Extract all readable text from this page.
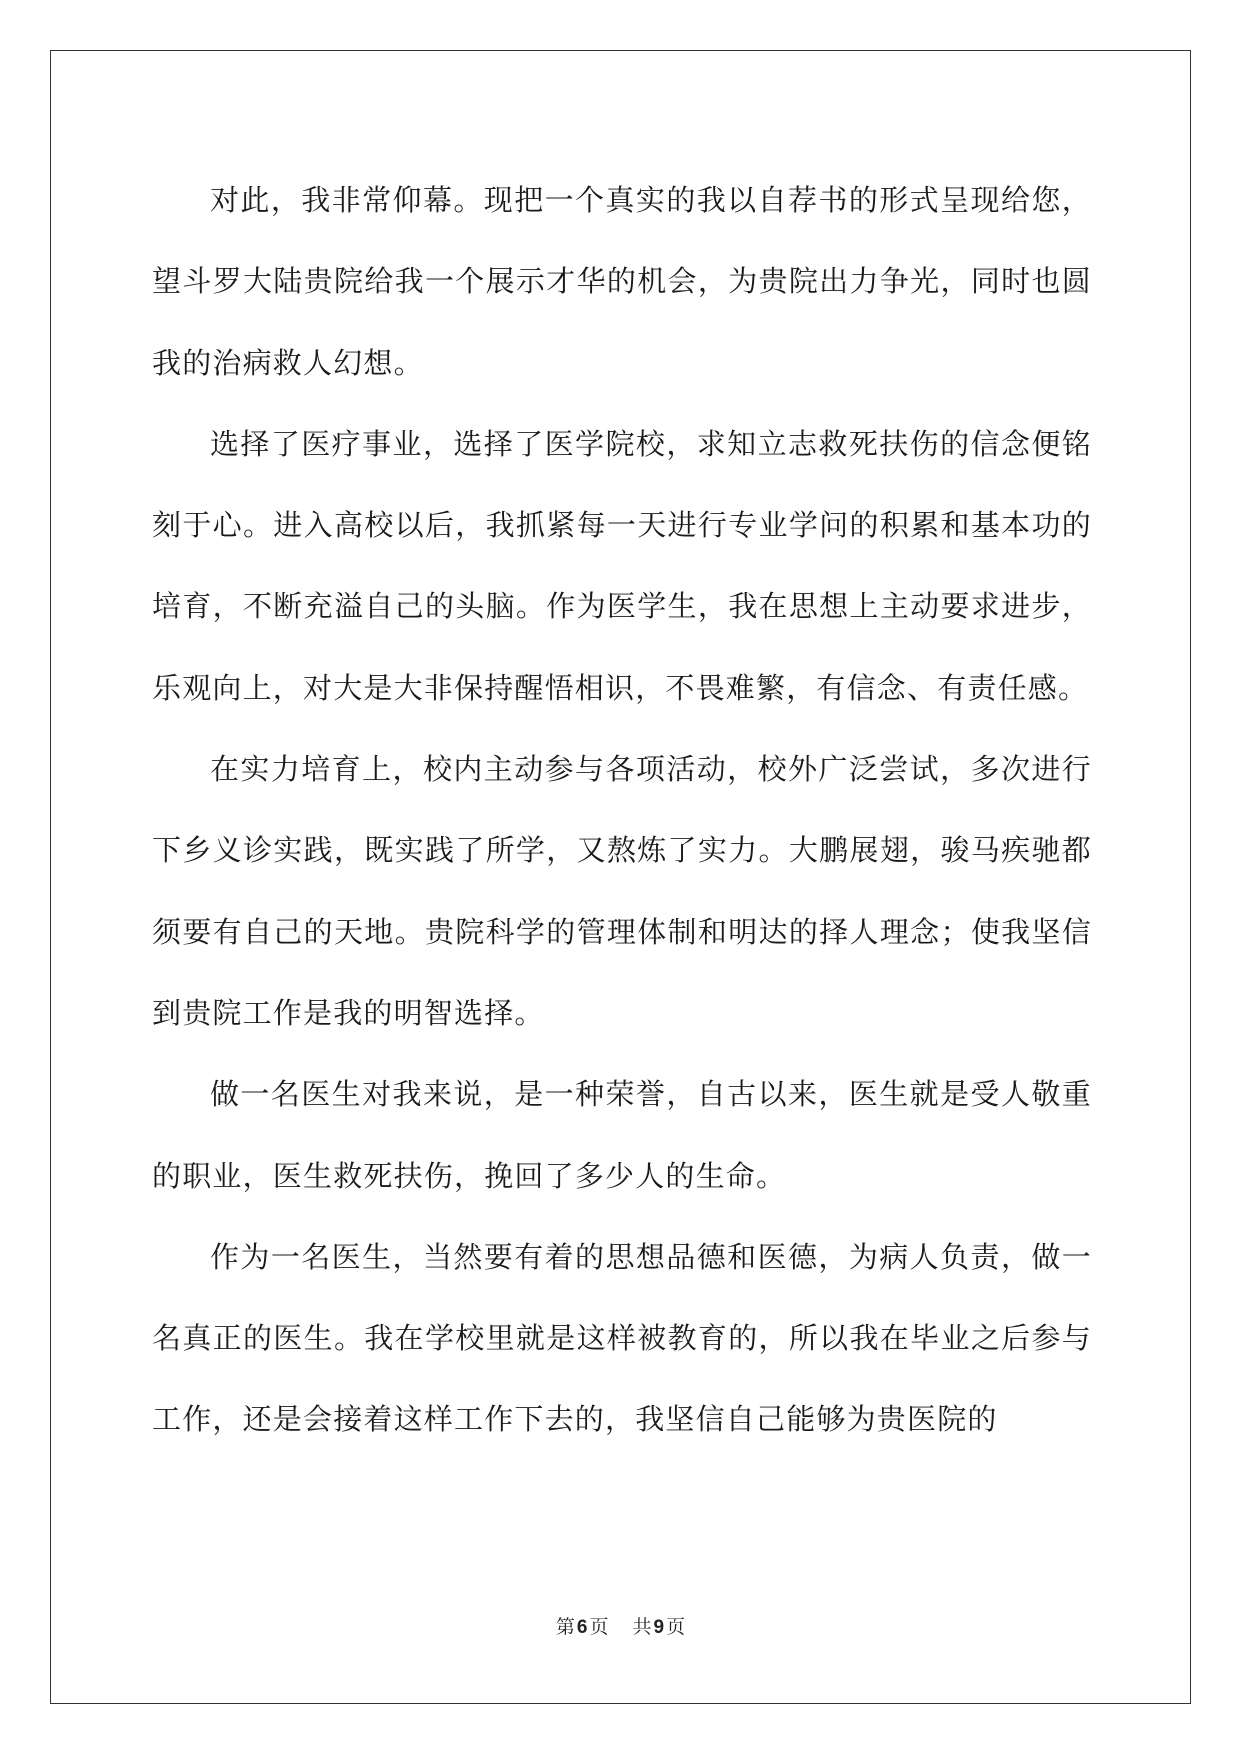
对此，我非常仰幕。现把一个真实的我以自荐书的形式呈现给您，望斗罗大陆贵院给我一个展示才华的机会，为贵院出力争光，同时也圆我的治病救人幻想。

选择了医疗事业，选择了医学院校，求知立志救死扶伤的信念便铭刻于心。进入高校以后，我抓紧每一天进行专业学问的积累和基本功的培育，不断充溢自己的头脑。作为医学生，我在思想上主动要求进步，乐观向上，对大是大非保持醒悟相识，不畏难繁，有信念、有责任感。

在实力培育上，校内主动参与各项活动，校外广泛尝试，多次进行下乡义诊实践，既实践了所学，又熬炼了实力。大鹏展翅，骏马疾驰都须要有自己的天地。贵院科学的管理体制和明达的择人理念；使我坚信到贵院工作是我的明智选择。

做一名医生对我来说，是一种荣誉，自古以来，医生就是受人敬重的职业，医生救死扶伤，挽回了多少人的生命。

作为一名医生，当然要有着的思想品德和医德，为病人负责，做一名真正的医生。我在学校里就是这样被教育的，所以我在毕业之后参与工作，还是会接着这样工作下去的，我坚信自己能够为贵医院的

第 6 页 共 9 页
